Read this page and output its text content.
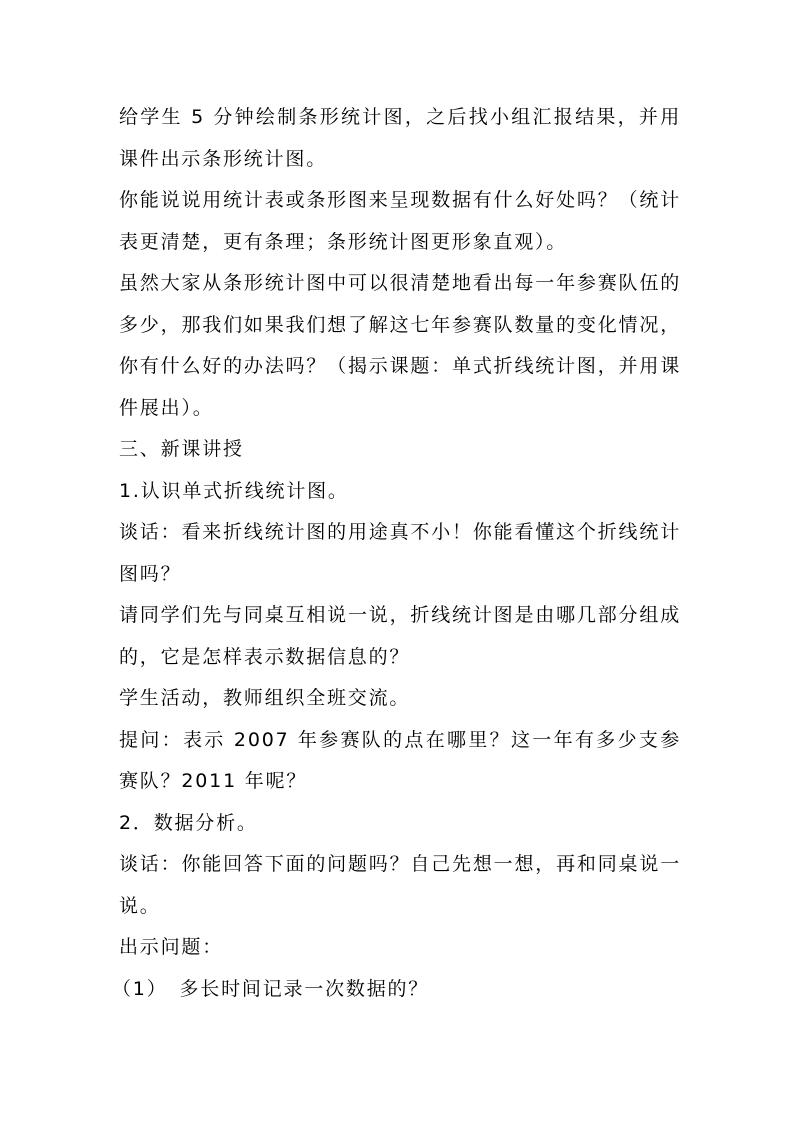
给学生 5 分钟绘制条形统计图，之后找小组汇报结果，并用课件出示条形统计图。

你能说说用统计表或条形图来呈现数据有什么好处吗？（统计表更清楚，更有条理；条形统计图更形象直观）。

虽然大家从条形统计图中可以很清楚地看出每一年参赛队伍的多少，那我们如果我们想了解这七年参赛队数量的变化情况，你有什么好的办法吗？（揭示课题：单式折线统计图，并用课件展出）。

三、新课讲授

1.认识单式折线统计图。

谈话：看来折线统计图的用途真不小！你能看懂这个折线统计图吗？

请同学们先与同桌互相说一说，折线统计图是由哪几部分组成的，它是怎样表示数据信息的？

学生活动，教师组织全班交流。

提问：表示 2007 年参赛队的点在哪里？这一年有多少支参赛队？2011 年呢？

2．数据分析。

谈话：你能回答下面的问题吗？自己先想一想，再和同桌说一说。

出示问题：

（1） 多长时间记录一次数据的？
